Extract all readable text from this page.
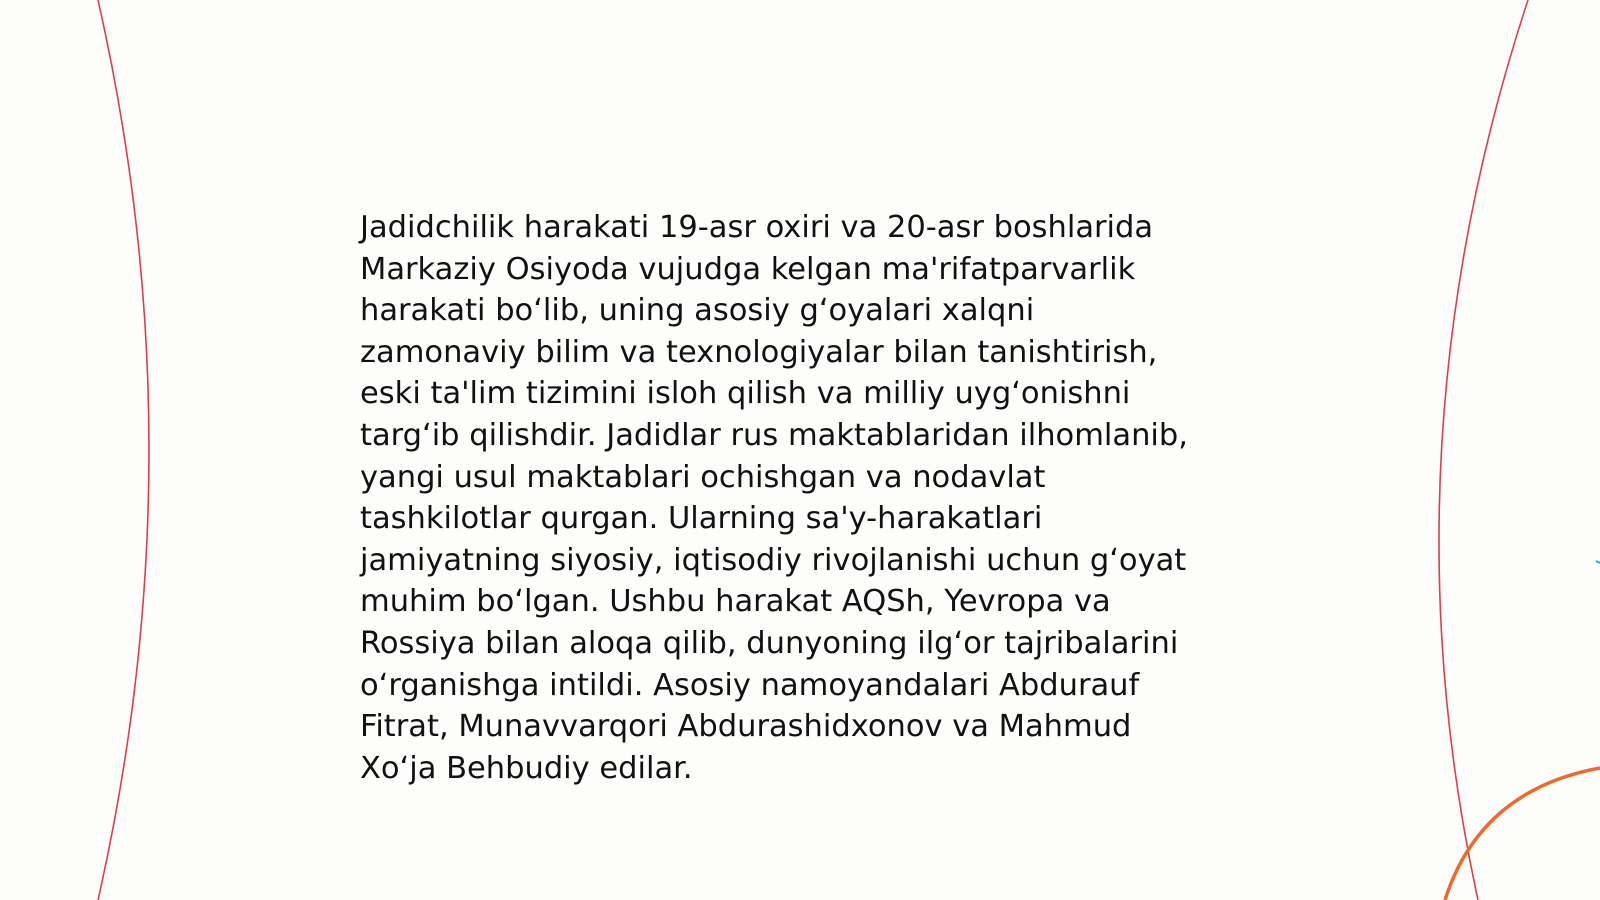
Jadidchilik harakati 19-asr oxiri va 20-asr boshlarida
Markaziy Osiyoda vujudga kelgan ma'rifatparvarlik
harakati bo‘lib, uning asosiy g‘oyalari xalqni
zamonaviy bilim va texnologiyalar bilan tanishtirish,
eski ta'lim tizimini isloh qilish va milliy uyg‘onishni
targ‘ib qilishdir. Jadidlar rus maktablaridan ilhomlanib,
yangi usul maktablari ochishgan va nodavlat
tashkilotlar qurgan. Ularning sa'y-harakatlari
jamiyatning siyosiy, iqtisodiy rivojlanishi uchun g‘oyat
muhim bo‘lgan. Ushbu harakat AQSh, Yevropa va
Rossiya bilan aloqa qilib, dunyoning ilg‘or tajribalarini
o‘rganishga intildi. Asosiy namoyandalari Abdurauf
Fitrat, Munavvarqori Abdurashidxonov va Mahmud
Xo‘ja Behbudiy edilar.
